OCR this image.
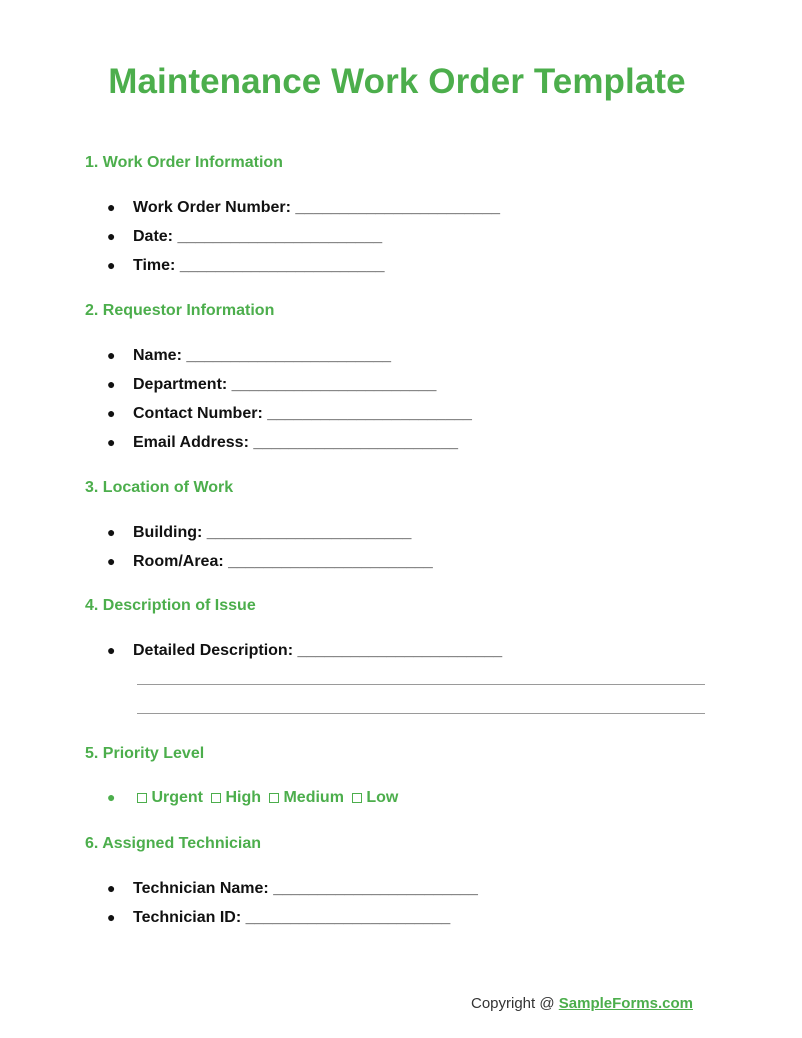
Maintenance Work Order Template
1. Work Order Information
● Work Order Number: _______________________
● Date: _______________________
● Time: _______________________
2. Requestor Information
● Name: _______________________
● Department: _______________________
● Contact Number: _______________________
● Email Address: _______________________
3. Location of Work
● Building: _______________________
● Room/Area: _______________________
4. Description of Issue
● Detailed Description: _______________________
5. Priority Level
● Urgent High Medium Low
6. Assigned Technician
● Technician Name: _______________________
● Technician ID: _______________________
Copyright @ SampleForms.com
